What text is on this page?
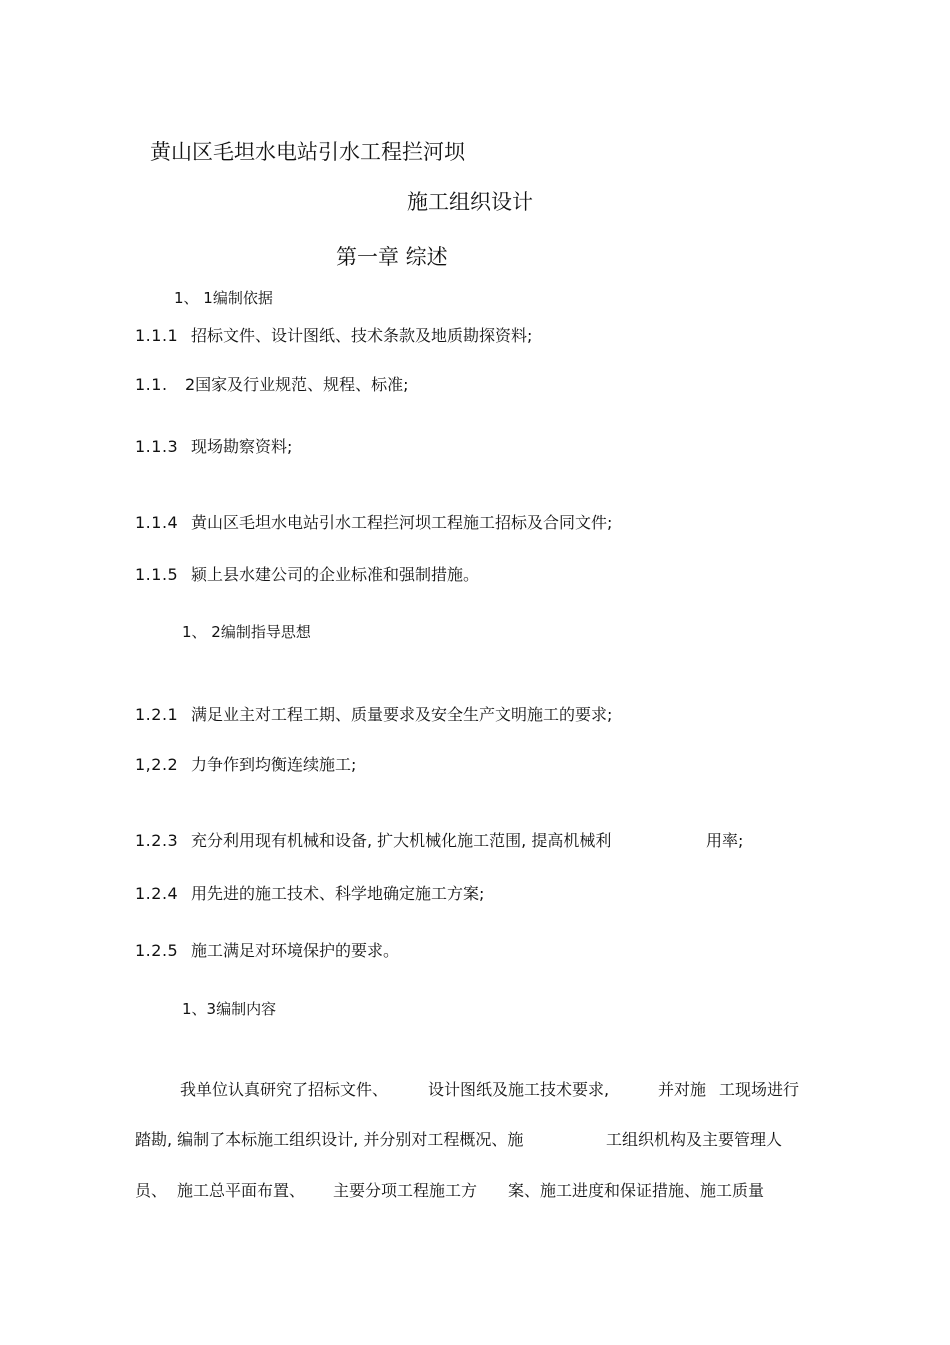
黄山区毛坦水电站引水工程拦河坝
施工组织设计
第一章 综述
1、 1编制依据
1.1.1 招标文件、设计图纸、技术条款及地质勘探资料;
1.1. 2国家及行业规范、规程、标准;
1.1.3 现场勘察资料;
1.1.4 黄山区毛坦水电站引水工程拦河坝工程施工招标及合同文件;
1.1.5 颍上县水建公司的企业标准和强制措施。
1、 2编制指导思想
1.2.1 满足业主对工程工期、质量要求及安全生产文明施工的要求;
1,2.2 力争作到均衡连续施工;
1.2.3 充分利用现有机械和设备, 扩大机械化施工范围, 提高机械利	用率;
1.2.4 用先进的施工技术、科学地确定施工方案;
1.2.5 施工满足对环境保护的要求。
1、3编制内容
我单位认真研究了招标文件、 设计图纸及施工技术要求,	并对施 工现场进行
踏勘, 编制了本标施工组织设计, 并分别对工程概况、施	工组织机构及主要管理人
员、 施工总平面布置、 主要分项工程施工方 案、施工进度和保证措施、施工质量
